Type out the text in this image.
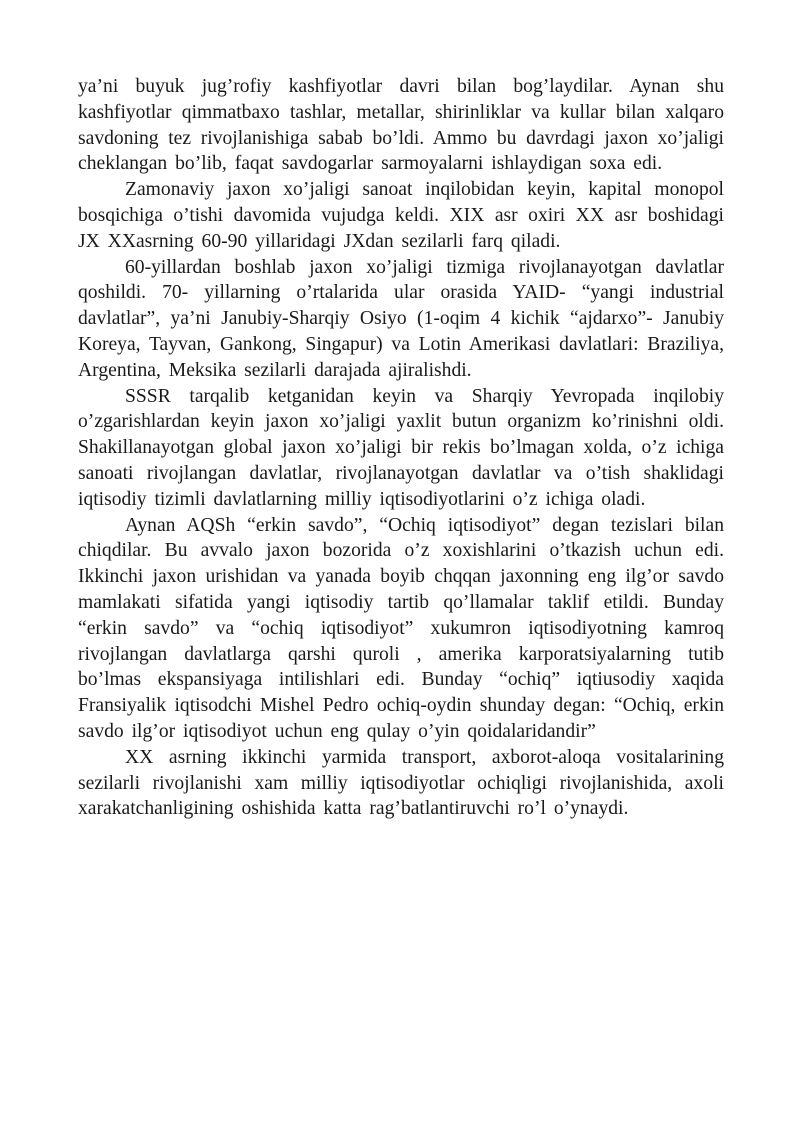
ya’ni buyuk jug’rofiy kashfiyotlar davri bilan bog’laydilar. Aynan shu kashfiyotlar qimmatbaxo tashlar, metallar, shirinliklar va kullar bilan xalqaro savdoning tez rivojlanishiga sabab bo’ldi. Ammo bu davrdagi jaxon xo’jaligi cheklangan bo’lib, faqat savdogarlar sarmoyalarni ishlaydigan soxa edi.

Zamonaviy jaxon xo’jaligi sanoat inqilobidan keyin, kapital monopol bosqichiga o’tishi davomida vujudga keldi. XIX asr oxiri XX asr boshidagi JX XXasrning 60-90 yillaridagi JXdan sezilarli farq qiladi.

60-yillardan boshlab jaxon xo’jaligi tizmiga rivojlanayotgan davlatlar qoshildi. 70- yillarning o’rtalarida ular orasida YAID- “yangi industrial davlatlar”, ya’ni Janubiy-Sharqiy Osiyo (1-oqim 4 kichik “ajdarxo”- Janubiy Koreya, Tayvan, Gankong, Singapur) va Lotin Amerikasi davlatlari: Braziliya, Argentina, Meksika sezilarli darajada ajiralishdi.

SSSR tarqalib ketganidan keyin va Sharqiy Yevropada inqilobiy o’zgarishlardan keyin jaxon xo’jaligi yaxlit butun organizm ko’rinishni oldi. Shakillanayotgan global jaxon xo’jaligi bir rekis bo’lmagan xolda, o’z ichiga sanoati rivojlangan davlatlar, rivojlanayotgan davlatlar va o’tish shaklidagi iqtisodiy tizimli davlatlarning milliy iqtisodiyotlarini o’z ichiga oladi.

Aynan AQSh “erkin savdo”, “Ochiq iqtisodiyot” degan tezislari bilan chiqdilar. Bu avvalo jaxon bozorida o’z xoxishlarini o’tkazish uchun edi. Ikkinchi jaxon urishidan va yanada boyib chqqan jaxonning eng ilg’or savdo mamlakati sifatida yangi iqtisodiy tartib qo’llamalar taklif etildi. Bunday “erkin savdo” va “ochiq iqtisodiyot” xukumron iqtisodiyotning kamroq rivojlangan davlatlarga qarshi quroli , amerika karporatsiyalarning tutib bo’lmas ekspansiyaga intilishlari edi. Bunday “ochiq” iqtiusodiy xaqida Fransiyalik iqtisodchi Mishel Pedro ochiq-oydin shunday degan: “Ochiq, erkin savdo ilg’or iqtisodiyot uchun eng qulay o’yin qoidalaridandir”

XX asrning ikkinchi yarmida transport, axborot-aloqa vositalarining sezilarli rivojlanishi xam milliy iqtisodiyotlar ochiqligi rivojlanishida, axoli xarakatchanligining oshishida katta rag’batlantiruvchi ro’l o’ynaydi.
